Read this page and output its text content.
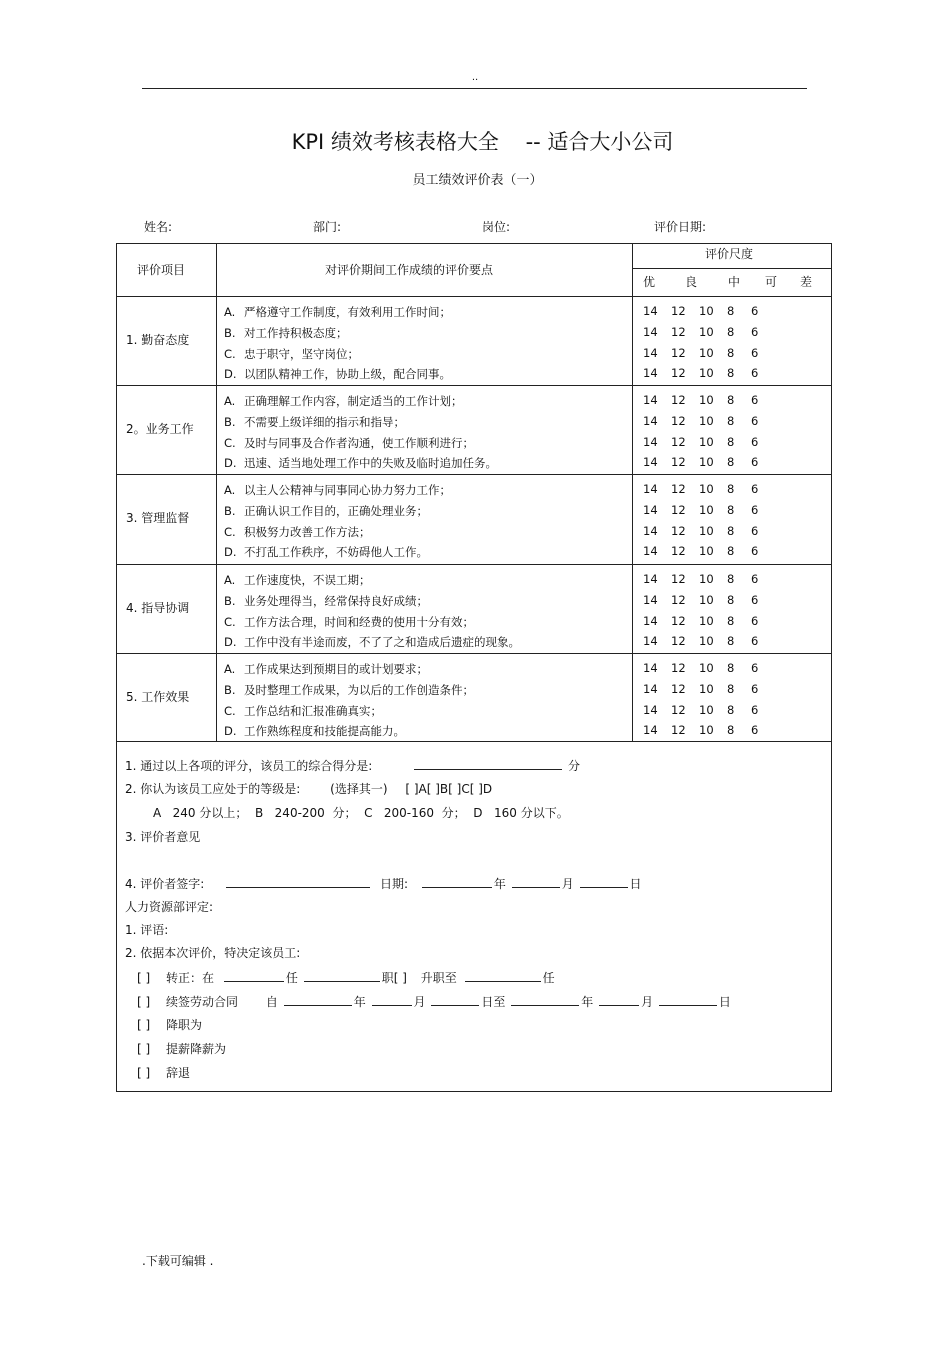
..
KPI 绩效考核表格大全    -- 适合大小公司
员工绩效评价表（一）
姓名:	部门:	岗位:	评价日期:
评价项目	对评价期间工作成绩的评价要点
评价尺度
优 良	中 可 差
1. 勤奋态度
A. 严格遵守工作制度，有效利用工作时间；	14 12 10 8 6
B. 对工作持积极态度；	14 12 10 8 6
C. 忠于职守，坚守岗位；	14 12 10 8 6
D. 以团队精神工作，协助上级，配合同事。	14 12 10 8 6
2。业务工作
A. 正确理解工作内容，制定适当的工作计划；	14 12 10 8 6
B. 不需要上级详细的指示和指导；	14 12 10 8 6
C. 及时与同事及合作者沟通，使工作顺利进行；	14 12 10 8 6
D. 迅速、适当地处理工作中的失败及临时追加任务。	14 12 10 8 6
3. 管理监督
A. 以主人公精神与同事同心协力努力工作；	14 12 10 8 6
B. 正确认识工作目的，正确处理业务；	14 12 10 8 6
C. 积极努力改善工作方法；	14 12 10 8 6
D. 不打乱工作秩序，不妨碍他人工作。	14 12 10 8 6
4. 指导协调
A. 工作速度快，不误工期；	14 12 10 8 6
B. 业务处理得当，经常保持良好成绩；	14 12 10 8 6
C. 工作方法合理，时间和经费的使用十分有效；	14 12 10 8 6
D. 工作中没有半途而废，不了了之和造成后遗症的现象。	14 12 10 8 6
5. 工作效果
A. 工作成果达到预期目的或计划要求；	14 12 10 8 6
B. 及时整理工作成果，为以后的工作创造条件；	14 12 10 8 6
C. 工作总结和汇报准确真实；	14 12 10 8 6
D. 工作熟练程度和技能提高能力。	14 12 10 8 6
1. 通过以上各项的评分，该员工的综合得分是:	分
2. 你认为该员工应处于的等级是: (选择其一) [ ]A[ ]B[ ]C[ ]D
A   240 分以上；  B   240-200  分；  C   200-160  分；  D   160 分以下。
3. 评价者意见
4. 评价者签字:	日期:	年	月	日
人力资源部评定:
1. 评语:
2. 依据本次评价，特决定该员工:
[ ] 转正：在	任	职[ ] 升职至	任
[ ] 续签劳动合同 自	年	月	日至	年	月	日
[ ] 降职为
[ ] 提薪降薪为
[ ] 辞退
.下载可编辑 .
